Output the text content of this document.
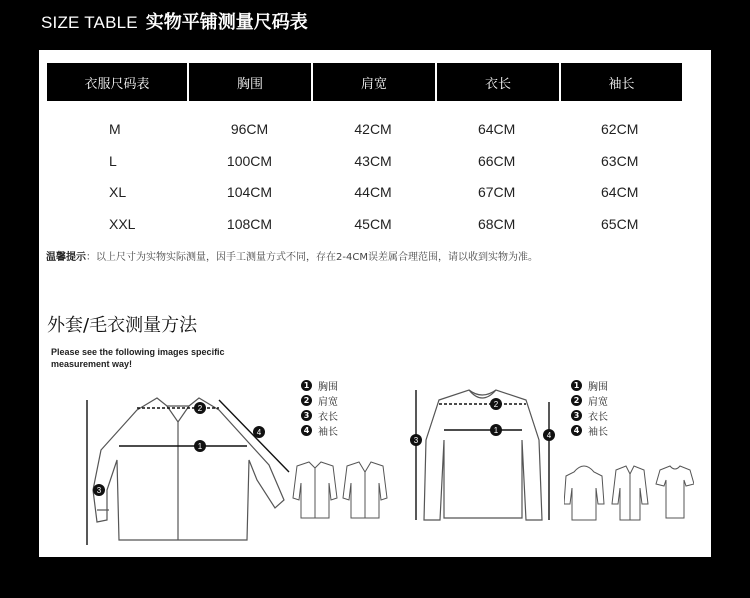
SIZE TABLE 实物平铺测量尺码表
衣服尺码表	胸围	肩宽	衣长	袖长
M	96CM	42CM	64CM	62CM
L	100CM	43CM	66CM	63CM
XL	104CM	44CM	67CM	64CM
XXL	108CM	45CM	68CM	65CM
温馨提示：以上尺寸为实物实际测量，因手工测量方式不同，存在2-4CM误差属合理范围，请以收到实物为准。
外套/毛衣测量方法
Please see the following images specific
measurement way!
1
2
3
4
1 胸围
2 肩宽
3 衣长
4 袖长	1
2
3
4
1 胸围
2 肩宽
3 衣长
4 袖长
